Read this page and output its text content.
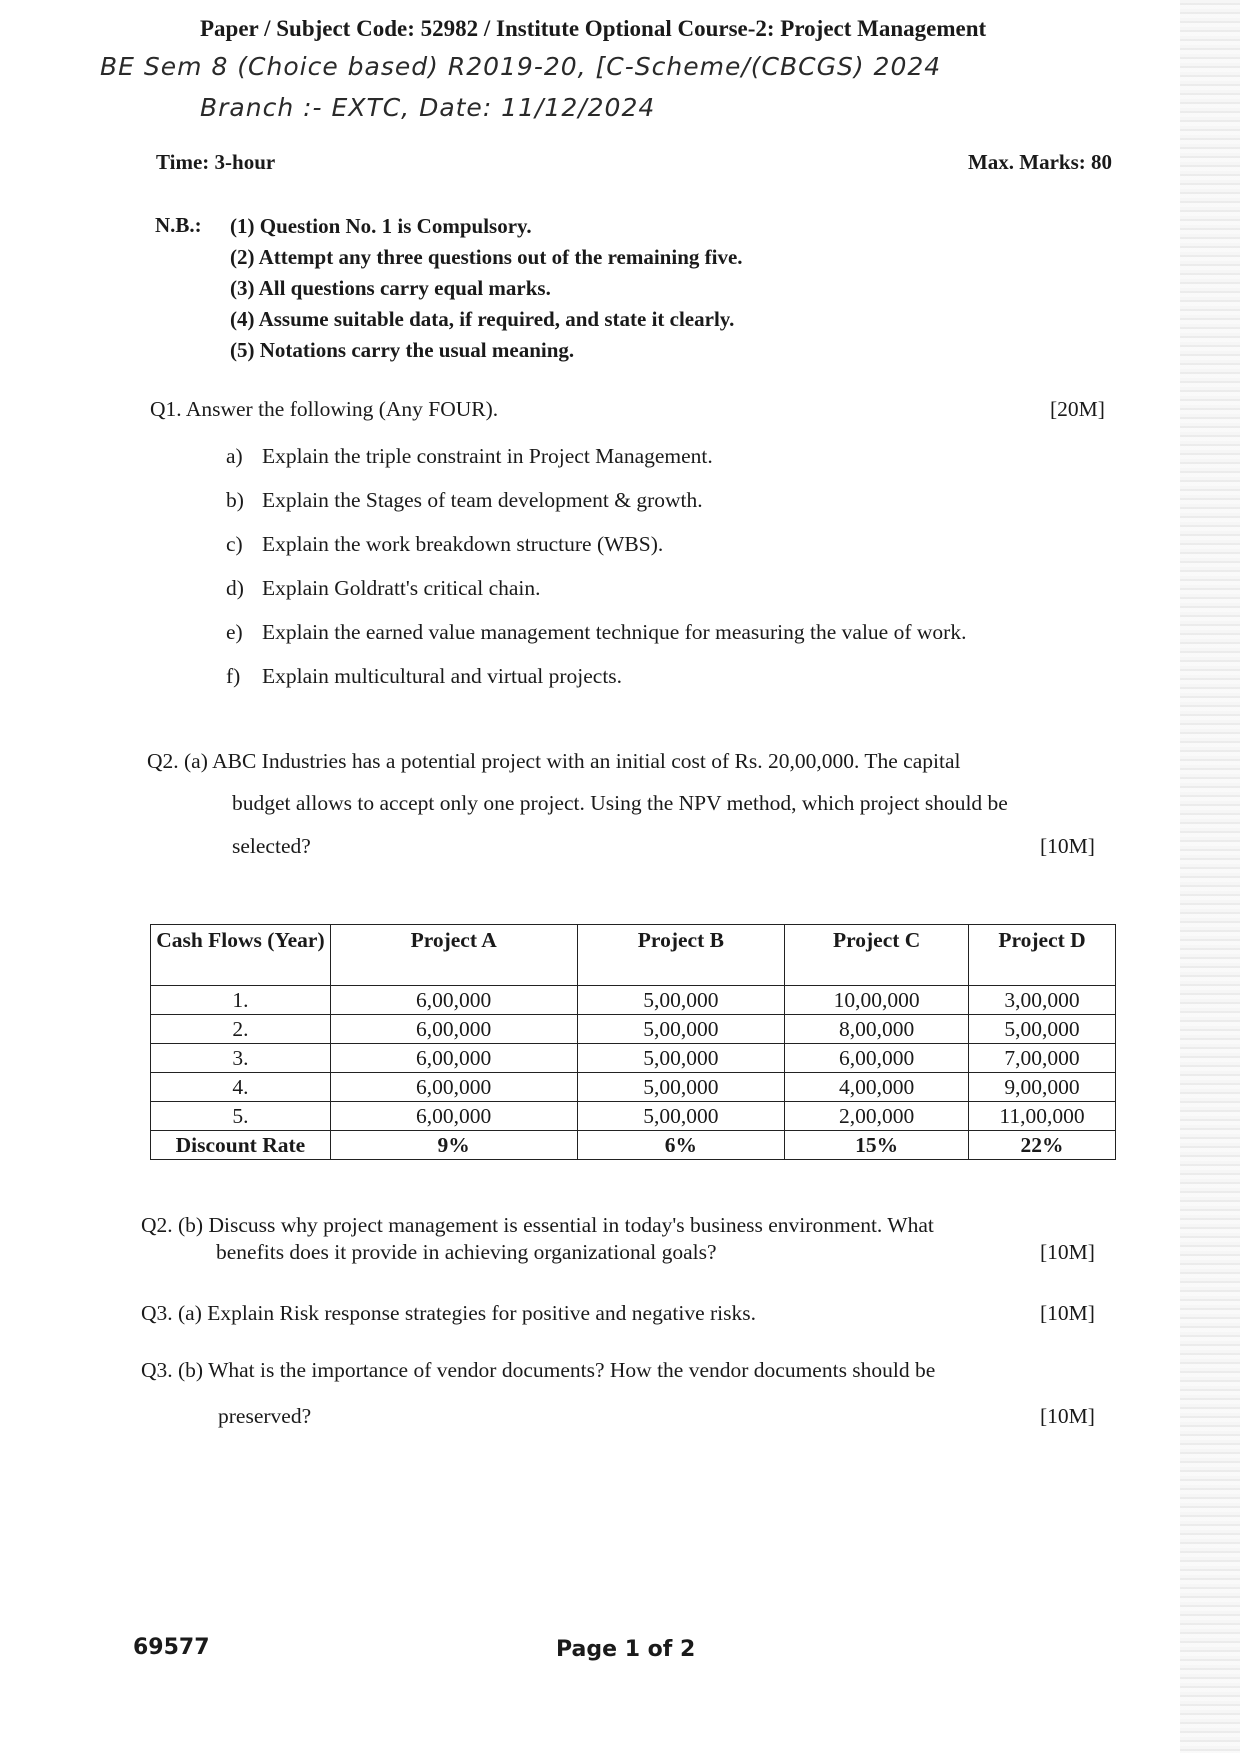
Paper / Subject Code: 52982 / Institute Optional Course-2: Project Management
BE Sem 8 (Choice based) R2019-20, [C-Scheme/(CBCGS) 2024
Branch :- EXTC, Date: 11/12/2024
Time: 3-hour	Max. Marks: 80
N.B.: (1) Question No. 1 is Compulsory.
(2) Attempt any three questions out of the remaining five.
(3) All questions carry equal marks.
(4) Assume suitable data, if required, and state it clearly.
(5) Notations carry the usual meaning.
Q1. Answer the following (Any FOUR).	[20M]
a) Explain the triple constraint in Project Management.
b) Explain the Stages of team development & growth.
c) Explain the work breakdown structure (WBS).
d) Explain Goldratt's critical chain.
e) Explain the earned value management technique for measuring the value of work.
f) Explain multicultural and virtual projects.
Q2. (a) ABC Industries has a potential project with an initial cost of Rs. 20,00,000. The capital
budget allows to accept only one project. Using the NPV method, which project should be
selected?	[10M]
Cash Flows (Year)	Project A	Project B	Project C	Project D
1.	6,00,000	5,00,000	10,00,000	3,00,000
2.	6,00,000	5,00,000	8,00,000	5,00,000
3.	6,00,000	5,00,000	6,00,000	7,00,000
4.	6,00,000	5,00,000	4,00,000	9,00,000
5.	6,00,000	5,00,000	2,00,000	11,00,000
Discount Rate	9%	6%	15%	22%
Q2. (b) Discuss why project management is essential in today's business environment. What
benefits does it provide in achieving organizational goals?	[10M]
Q3. (a) Explain Risk response strategies for positive and negative risks.	[10M]
Q3. (b) What is the importance of vendor documents? How the vendor documents should be
preserved?	[10M]
69577	Page 1 of 2
